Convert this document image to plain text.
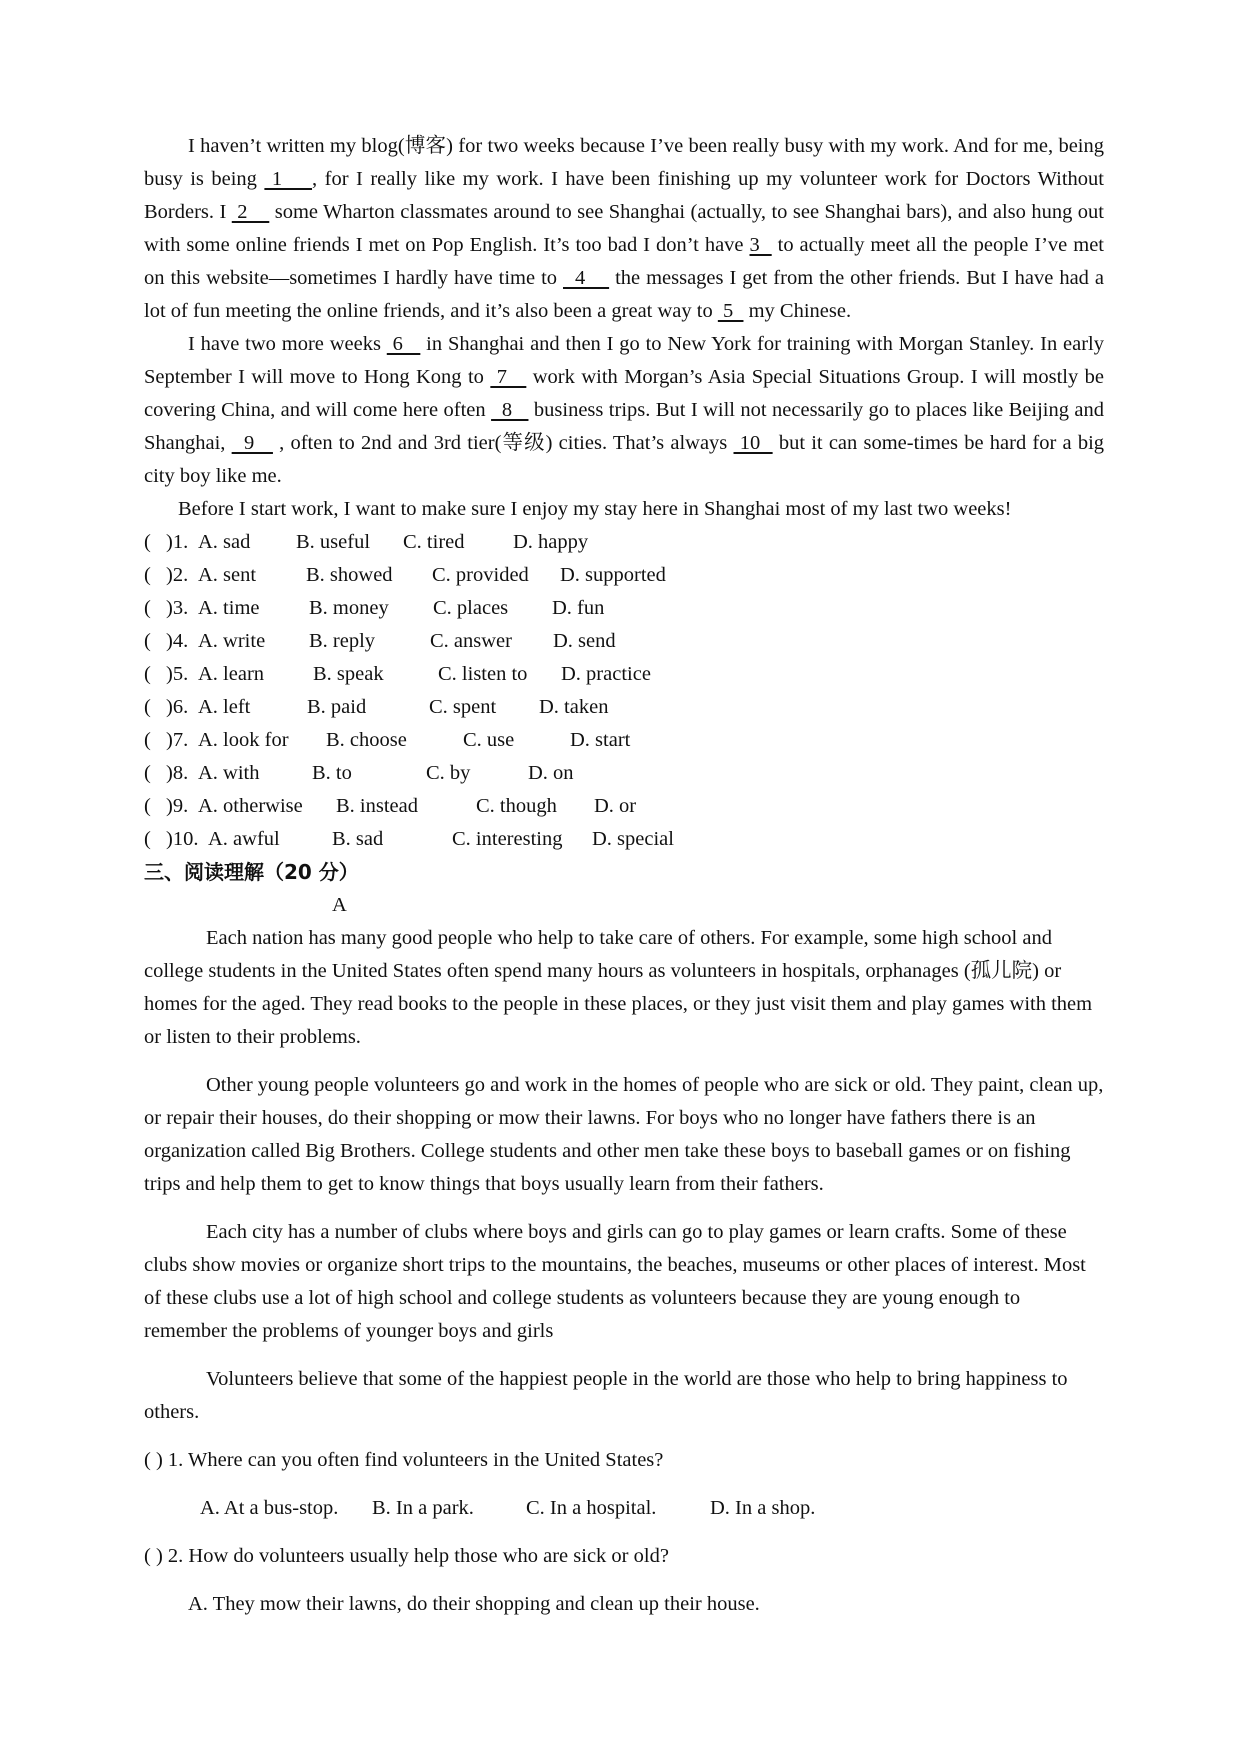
I haven’t written my blog(博客) for two weeks because I’ve been really busy with my work. And for me, being busy is being  1    , for I really like my work. I have been finishing up my volunteer work for Doctors Without Borders. I  2     some Wharton classmates around to see Shanghai (actually, to see Shanghai bars), and also hung out with some online friends I met on Pop English. It’s too bad I don’t have 3   to actually meet all the people I’ve met on this website—sometimes I hardly have time to   4     the messages I get from the other friends. But I have had a lot of fun meeting the online friends, and it’s also been a great way to  5   my Chinese.

I have two more weeks  6    in Shanghai and then I go to New York for training with Morgan Stanley. In early September I will move to Hong Kong to  7    work with Morgan’s Asia Special Situations Group. I will mostly be covering China, and will come here often   8    business trips. But I will not necessarily go to places like Beijing and Shanghai,   9    , often to 2nd and 3rd tier(等级) cities. That’s always  10   but it can some-times be hard for a big city boy like me.

Before I start work, I want to make sure I enjoy my stay here in Shanghai most of my last two weeks!

( )1. A. sad	B. useful	C. tired	D. happy
( )2. A. sent	B. showed	C. provided	D. supported
( )3. A. time	B. money	C. places	D. fun
( )4. A. write	B. reply	C. answer	D. send
( )5. A. learn	B. speak	C. listen to	D. practice
( )6. A. left	B. paid	C. spent	D. taken
( )7. A. look for	B. choose	C. use	D. start
( )8. A. with	B. to	C. by	D. on
( )9. A. otherwise	B. instead	C. though	D. or
( )10. A. awful	B. sad	C. interesting	D. special

三、阅读理解（20 分）

A

Each nation has many good people who help to take care of others. For example, some high school and college students in the United States often spend many hours as volunteers in hospitals, orphanages (孤儿院) or homes for the aged. They read books to the people in these places, or they just visit them and play games with them or listen to their problems.

Other young people volunteers go and work in the homes of people who are sick or old. They paint, clean up, or repair their houses, do their shopping or mow their lawns. For boys who no longer have fathers there is an organization called Big Brothers. College students and other men take these boys to baseball games or on fishing trips and help them to get to know things that boys usually learn from their fathers.

Each city has a number of clubs where boys and girls can go to play games or learn crafts. Some of these clubs show movies or organize short trips to the mountains, the beaches, museums or other places of interest. Most of these clubs use a lot of high school and college students as volunteers because they are young enough to remember the problems of younger boys and girls

Volunteers believe that some of the happiest people in the world are those who help to bring happiness to others.

( ) 1. Where can you often find volunteers in the United States?

A. At a bus-stop. B. In a park.	C. In a hospital.	D. In a shop.

( ) 2. How do volunteers usually help those who are sick or old?

A. They mow their lawns, do their shopping and clean up their house.
